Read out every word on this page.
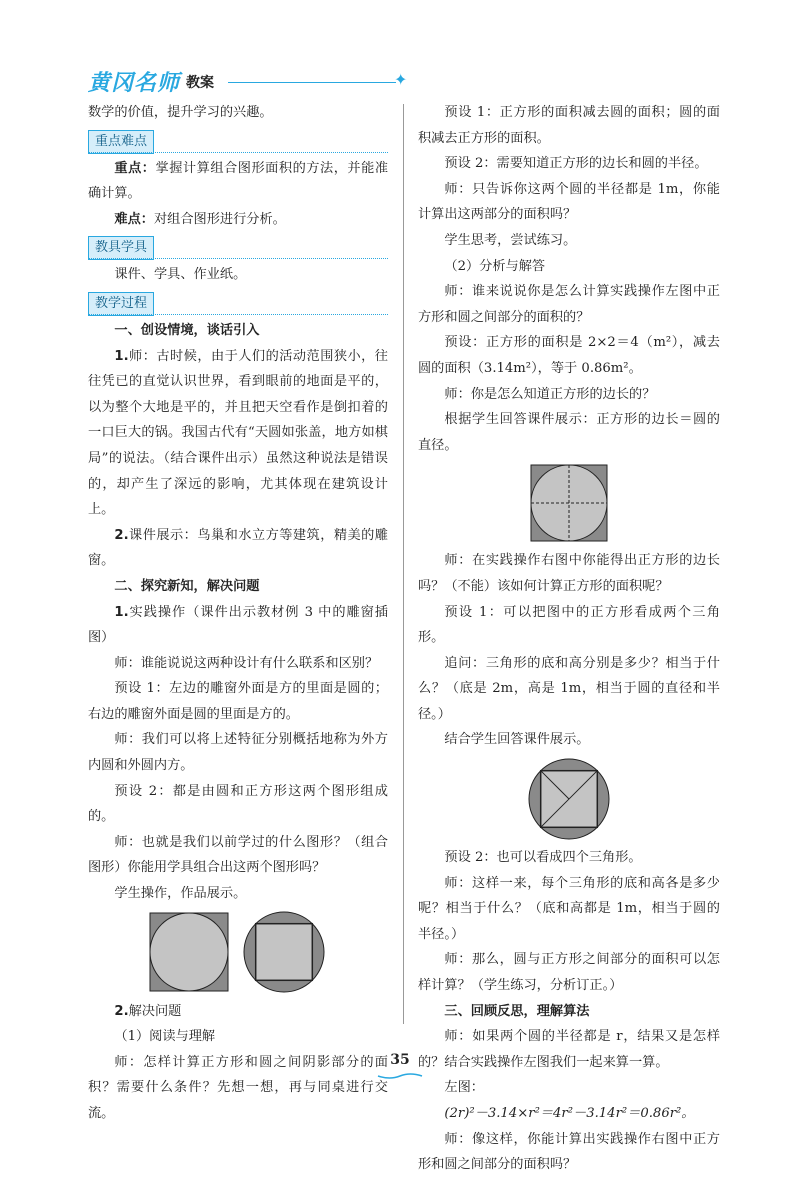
黄冈名师 教案	✦

数学的价值，提升学习的兴趣。

重点难点

重点：掌握计算组合图形面积的方法，并能准确计算。

难点：对组合图形进行分析。

教具学具

课件、学具、作业纸。

教学过程

一、创设情境，谈话引入

1.师：古时候，由于人们的活动范围狭小，往往凭已的直觉认识世界，看到眼前的地面是平的，以为整个大地是平的，并且把天空看作是倒扣着的一口巨大的锅。我国古代有“天圆如张盖，地方如棋局”的说法。（结合课件出示）虽然这种说法是错误的，却产生了深远的影响，尤其体现在建筑设计上。

2.课件展示：鸟巢和水立方等建筑，精美的雕窗。

二、探究新知，解决问题

1.实践操作（课件出示教材例 3 中的雕窗插图）

师：谁能说说这两种设计有什么联系和区别？

预设 1：左边的雕窗外面是方的里面是圆的；右边的雕窗外面是圆的里面是方的。

师：我们可以将上述特征分别概括地称为外方内圆和外圆内方。

预设 2：都是由圆和正方形这两个图形组成的。

师：也就是我们以前学过的什么图形？（组合图形）你能用学具组合出这两个图形吗？

学生操作，作品展示。

2.解决问题

（1）阅读与理解

师：怎样计算正方形和圆之间阴影部分的面积？需要什么条件？先想一想，再与同桌进行交流。

预设 1：正方形的面积减去圆的面积；圆的面积减去正方形的面积。

预设 2：需要知道正方形的边长和圆的半径。

师：只告诉你这两个圆的半径都是 1m，你能计算出这两部分的面积吗？

学生思考，尝试练习。

（2）分析与解答

师：谁来说说你是怎么计算实践操作左图中正方形和圆之间部分的面积的？

预设：正方形的面积是 2×2＝4（m²），减去圆的面积（3.14m²），等于 0.86m²。

师：你是怎么知道正方形的边长的？

根据学生回答课件展示：正方形的边长＝圆的直径。

师：在实践操作右图中你能得出正方形的边长吗？（不能）该如何计算正方形的面积呢？

预设 1：可以把图中的正方形看成两个三角形。

追问：三角形的底和高分别是多少？相当于什么？（底是 2m，高是 1m，相当于圆的直径和半径。）

结合学生回答课件展示。

预设 2：也可以看成四个三角形。

师：这样一来，每个三角形的底和高各是多少呢？相当于什么？（底和高都是 1m，相当于圆的半径。）

师：那么，圆与正方形之间部分的面积可以怎样计算？（学生练习，分析订正。）

三、回顾反思，理解算法

师：如果两个圆的半径都是 r，结果又是怎样的？结合实践操作左图我们一起来算一算。

左图：

(2r)²－3.14×r²＝4r²－3.14r²＝0.86r²。

师：像这样，你能计算出实践操作右图中正方形和圆之间部分的面积吗？

35
